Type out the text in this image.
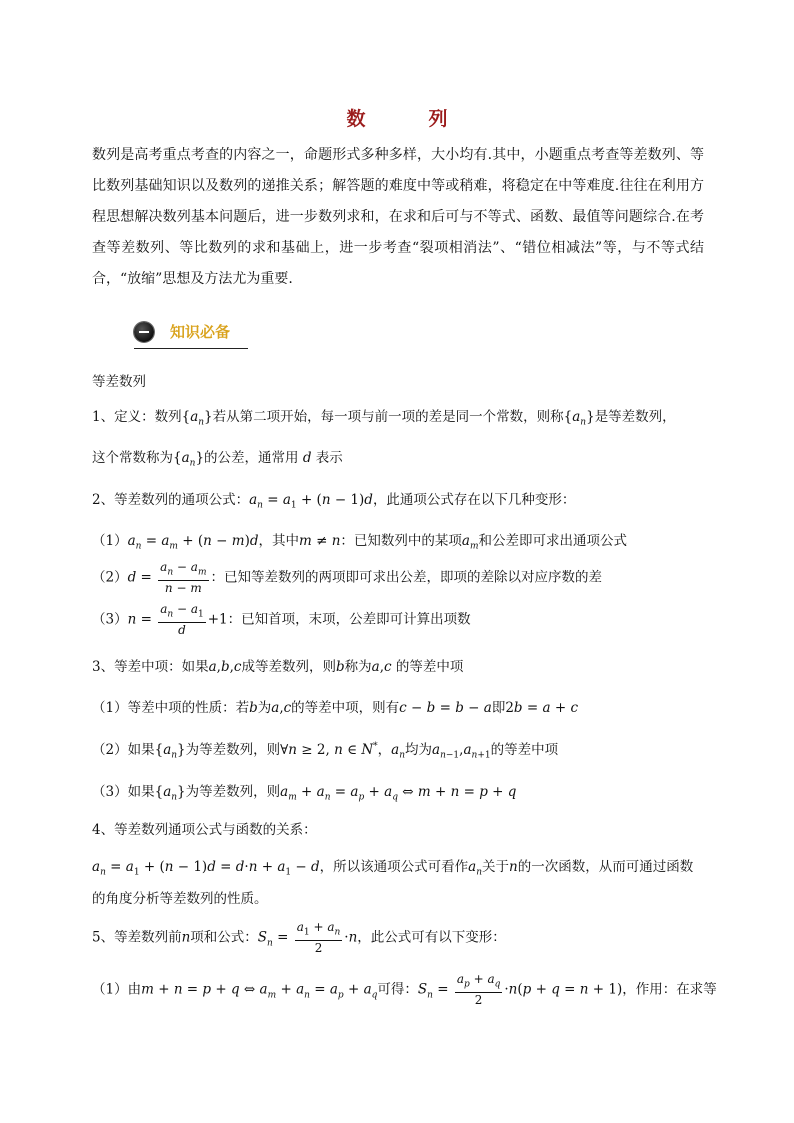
数　列

数列是高考重点考查的内容之一，命题形式多种多样，大小均有.其中，小题重点考查等差数列、等比数列基础知识以及数列的递推关系；解答题的难度中等或稍难，将稳定在中等难度.往往在利用方程思想解决数列基本问题后，进一步数列求和，在求和后可与不等式、函数、最值等问题综合.在考查等差数列、等比数列的求和基础上，进一步考查“裂项相消法”、“错位相减法”等，与不等式结合，“放缩”思想及方法尤为重要.

知识必备
等差数列
1、定义：数列$\{a_n\}$若从第二项开始，每一项与前一项的差是同一个常数，则称$\{a_n\}$是等差数列，
这个常数称为$\{a_n\}$的公差，通常用 d 表示
2、等差数列的通项公式：$a_n = a_1 + (n - 1)d$，此通项公式存在以下几种变形：
$(1)a_n = a_m + (n - m)d$，其中m ≠ n：已知数列中的某项$a_m$和公差即可求出通项公式
$(2)d = \frac{a_n - a_m}{n - m}$ ：已知等差数列的两项即可求出公差，即项的差除以对应序数的差
$(3)n = \frac{a_n - a_1}{d} +1$：已知首项，末项，公差即可计算出项数
3、等差中项：如果a,b,c成等差数列，则b称为a,c 的等差中项
（1）等差中项的性质：若b为a,c的等差中项，则有c − b = b − a即2b = a + c
（2）如果$\{a_n\}$为等差数列，则∀n ≥ 2, n ∈ N*，$a_n$均为$a_{n-1},a_{n+1}$的等差中项
（3）如果$\{a_n\}$为等差数列，则$a_m + a_n = a_p + a_q$ ⇔ m + n = p + q
4、等差数列通项公式与函数的关系：
$a_n = a_1 + (n - 1)d = d\cdot n + a_1 - d$，所以该通项公式可看作$a_n$关于n的一次函数，从而可通过函数
的角度分析等差数列的性质。
5、等差数列前n项和公式：$S_n = \frac{a_1 + a_n}{2} \cdot n$，此公式可有以下变形：
（1）由m + n = p + q ⇔ $a_m + a_n = a_p + a_q$可得：$S_n = \frac{a_p + a_q}{2} \cdot n(p + q = n + 1)$，作用：在求等
